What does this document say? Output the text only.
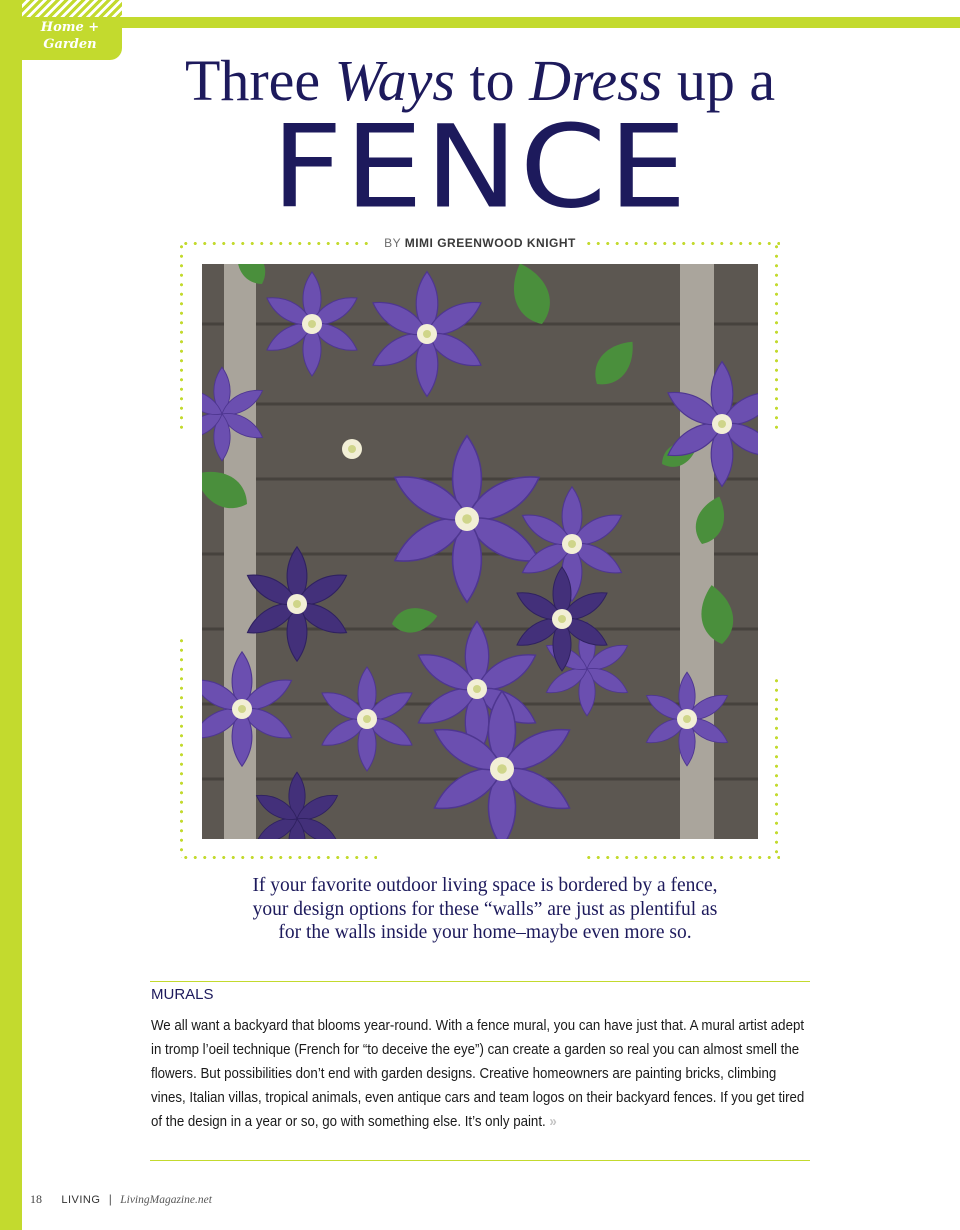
Home +
Garden
Three Ways to Dress up a
FENCE
BY MIMI GREENWOOD KNIGHT

If your favorite outdoor living space is bordered by a fence, your design options for these “walls” are just as plentiful as for the walls inside your home–maybe even more so.

MURALS

We all want a backyard that blooms year-round. With a fence mural, you can have just that. A mural artist adept in tromp l’oeil technique (French for “to deceive the eye”) can create a garden so real you can almost smell the flowers. But possibilities don’t end with garden designs. Creative homeowners are painting bricks, climbing vines, Italian villas, tropical animals, even antique cars and team logos on their backyard fences. If you get tired of the design in a year or so, go with something else. It’s only paint. »

18 LIVING | LivingMagazine.net
